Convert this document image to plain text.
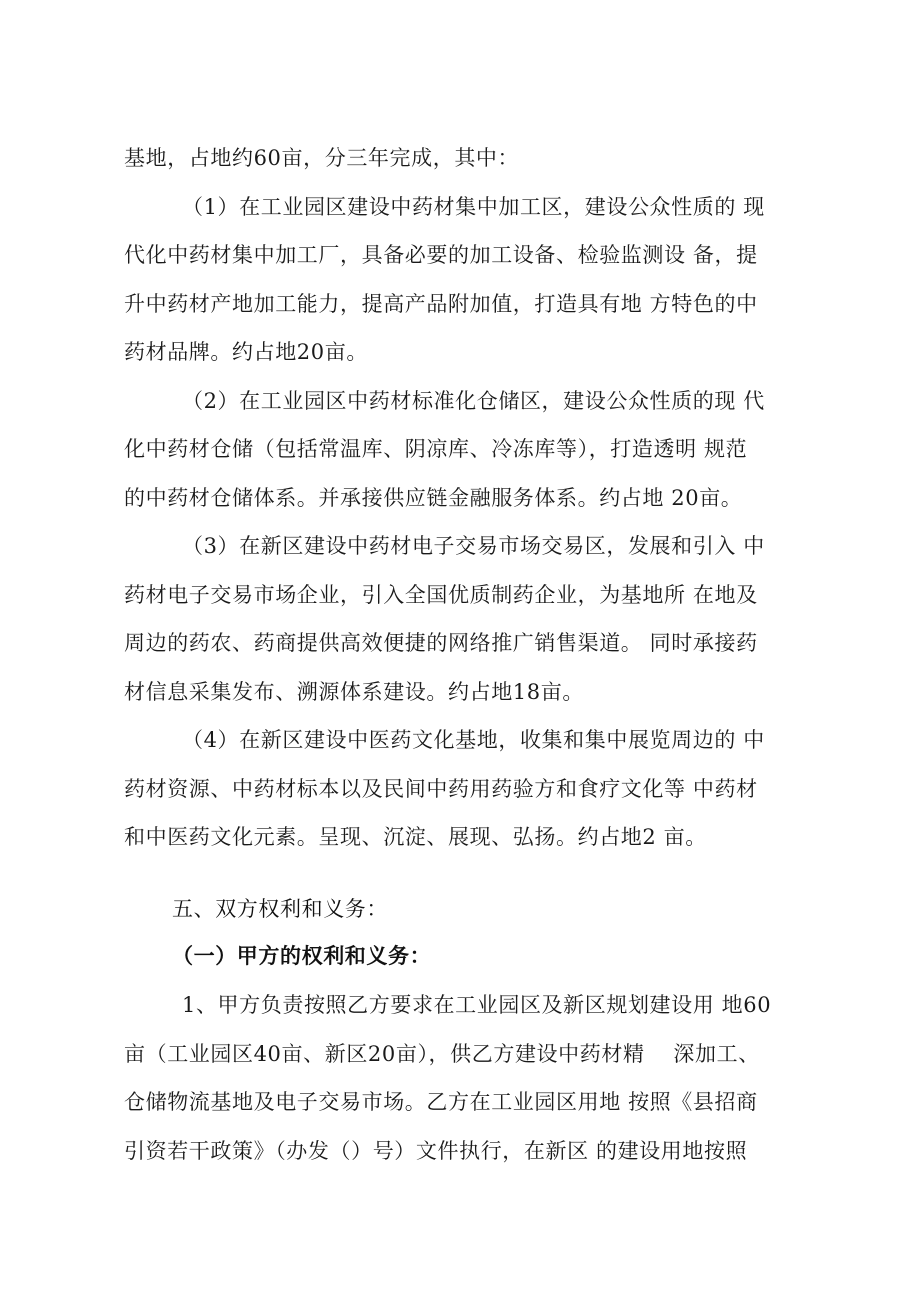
基地，占地约60亩，分三年完成，其中：
（1）在工业园区建设中药材集中加工区，建设公众性质的 现
代化中药材集中加工厂，具备必要的加工设备、检验监测设 备，提
升中药材产地加工能力，提高产品附加值，打造具有地 方特色的中
药材品牌。约占地20亩。
（2）在工业园区中药材标准化仓储区，建设公众性质的现 代
化中药材仓储（包括常温库、阴凉库、冷冻库等），打造透明 规范
的中药材仓储体系。并承接供应链金融服务体系。约占地 20亩。
（3）在新区建设中药材电子交易市场交易区，发展和引入 中
药材电子交易市场企业，引入全国优质制药企业，为基地所 在地及
周边的药农、药商提供高效便捷的网络推广销售渠道。 同时承接药
材信息采集发布、溯源体系建设。约占地18亩。
（4）在新区建设中医药文化基地，收集和集中展览周边的 中
药材资源、中药材标本以及民间中药用药验方和食疗文化等 中药材
和中医药文化元素。呈现、沉淀、展现、弘扬。约占地2 亩。
五、双方权利和义务：
（一）甲方的权利和义务：
1、甲方负责按照乙方要求在工业园区及新区规划建设用 地60
亩（工业园区40亩、新区20亩），供乙方建设中药材精　 深加工、
仓储物流基地及电子交易市场。乙方在工业园区用地 按照《县招商
引资若干政策》（办发（）号）文件执行，在新区 的建设用地按照
